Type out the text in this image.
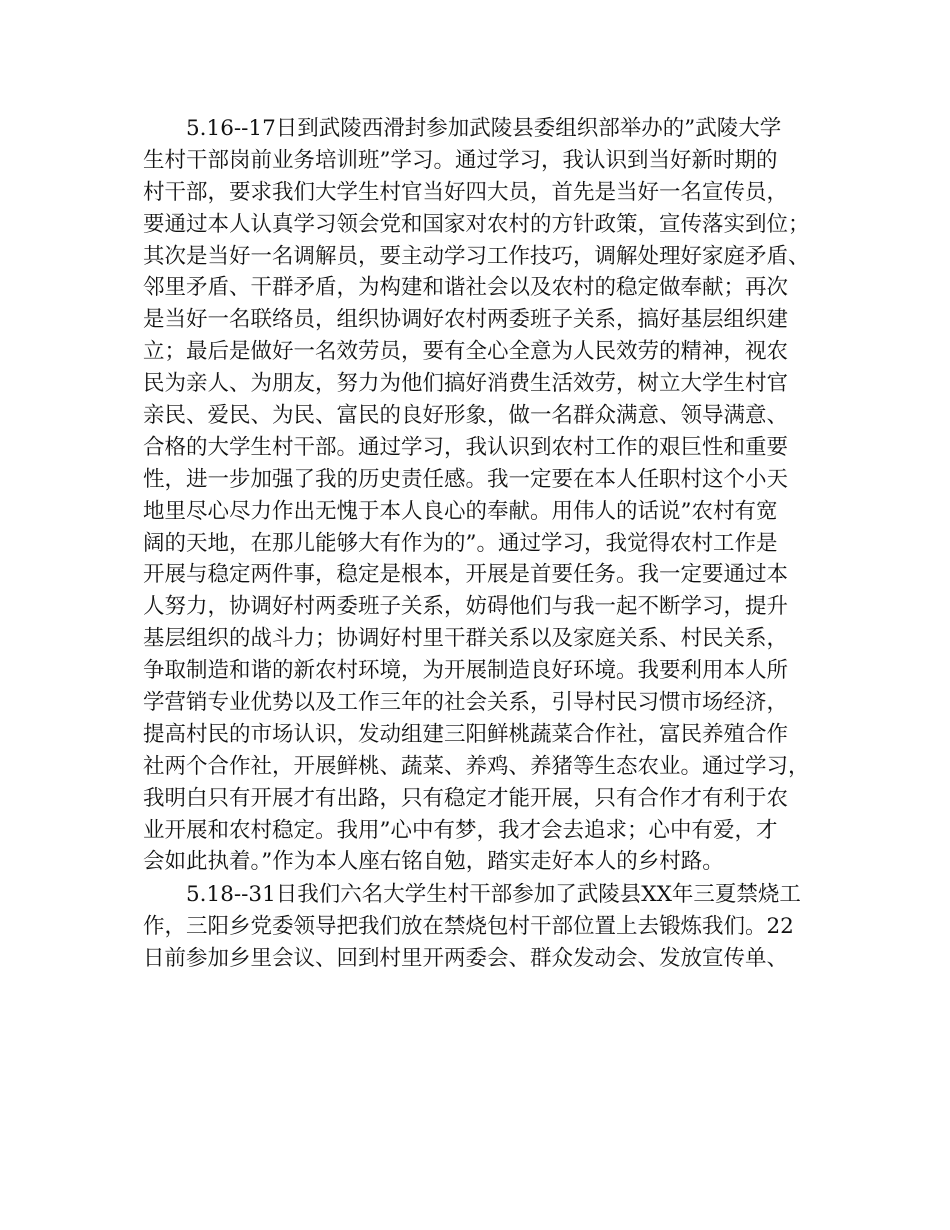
5.16--17日到武陵西滑封参加武陵县委组织部举办的”武陵大学
生村干部岗前业务培训班”学习。通过学习，我认识到当好新时期的
村干部，要求我们大学生村官当好四大员，首先是当好一名宣传员，
要通过本人认真学习领会党和国家对农村的方针政策，宣传落实到位；
其次是当好一名调解员，要主动学习工作技巧，调解处理好家庭矛盾、
邻里矛盾、干群矛盾，为构建和谐社会以及农村的稳定做奉献；再次
是当好一名联络员，组织协调好农村两委班子关系，搞好基层组织建
立；最后是做好一名效劳员，要有全心全意为人民效劳的精神，视农
民为亲人、为朋友，努力为他们搞好消费生活效劳，树立大学生村官
亲民、爱民、为民、富民的良好形象，做一名群众满意、领导满意、
合格的大学生村干部。通过学习，我认识到农村工作的艰巨性和重要
性，进一步加强了我的历史责任感。我一定要在本人任职村这个小天
地里尽心尽力作出无愧于本人良心的奉献。用伟人的话说”农村有宽
阔的天地，在那儿能够大有作为的”。通过学习，我觉得农村工作是
开展与稳定两件事，稳定是根本，开展是首要任务。我一定要通过本
人努力，协调好村两委班子关系，妨碍他们与我一起不断学习，提升
基层组织的战斗力；协调好村里干群关系以及家庭关系、村民关系，
争取制造和谐的新农村环境，为开展制造良好环境。我要利用本人所
学营销专业优势以及工作三年的社会关系，引导村民习惯市场经济，
提高村民的市场认识，发动组建三阳鲜桃蔬菜合作社，富民养殖合作
社两个合作社，开展鲜桃、蔬菜、养鸡、养猪等生态农业。通过学习，
我明白只有开展才有出路，只有稳定才能开展，只有合作才有利于农
业开展和农村稳定。我用”心中有梦，我才会去追求；心中有爱，才
会如此执着。”作为本人座右铭自勉，踏实走好本人的乡村路。
5.18--31日我们六名大学生村干部参加了武陵县XX年三夏禁烧工
作，三阳乡党委领导把我们放在禁烧包村干部位置上去锻炼我们。22
日前参加乡里会议、回到村里开两委会、群众发动会、发放宣传单、
